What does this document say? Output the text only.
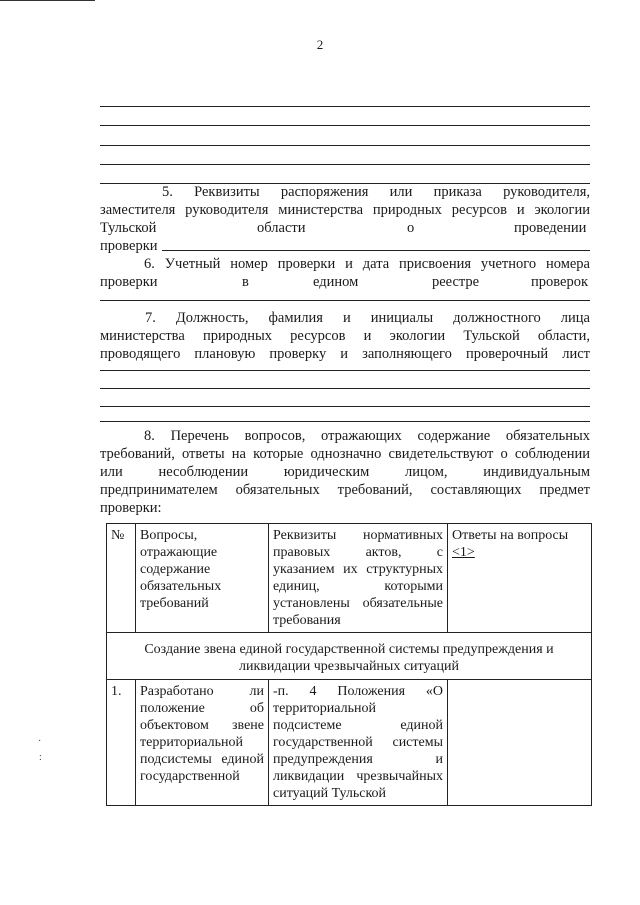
2
5. Реквизиты распоряжения или приказа руководителя,
заместителя руководителя министерства природных ресурсов и экологии
Тульской	области	о	проведении
проверки
6. Учетный номер проверки и дата присвоения учетного номера
проверки	в	едином	реестре	проверок
7. Должность, фамилия и инициалы должностного лица
министерства природных ресурсов и экологии Тульской области,
проводящего плановую проверку и заполняющего проверочный лист
8. Перечень вопросов, отражающих содержание обязательных
требований, ответы на которые однозначно свидетельствуют о соблюдении
или несоблюдении юридическим лицом, индивидуальным
предпринимателем обязательных требований, составляющих предмет
проверки:
№	Вопросы, отражающие содержание обязательных требований	Реквизиты нормативных правовых актов, с указанием их структурных единиц, которыми установлены обязательные требования	Ответы на вопросы
<1>
Создание звена единой государственной системы предупреждения и ликвидации чрезвычайных ситуаций			
1.	Разработано ли положение об объектовом звене территориальной подсистемы единой государственной	-п. 4 Положения «О территориальной подсистеме единой государственной системы предупреждения и ликвидации чрезвычайных ситуаций Тульской	
·
:
